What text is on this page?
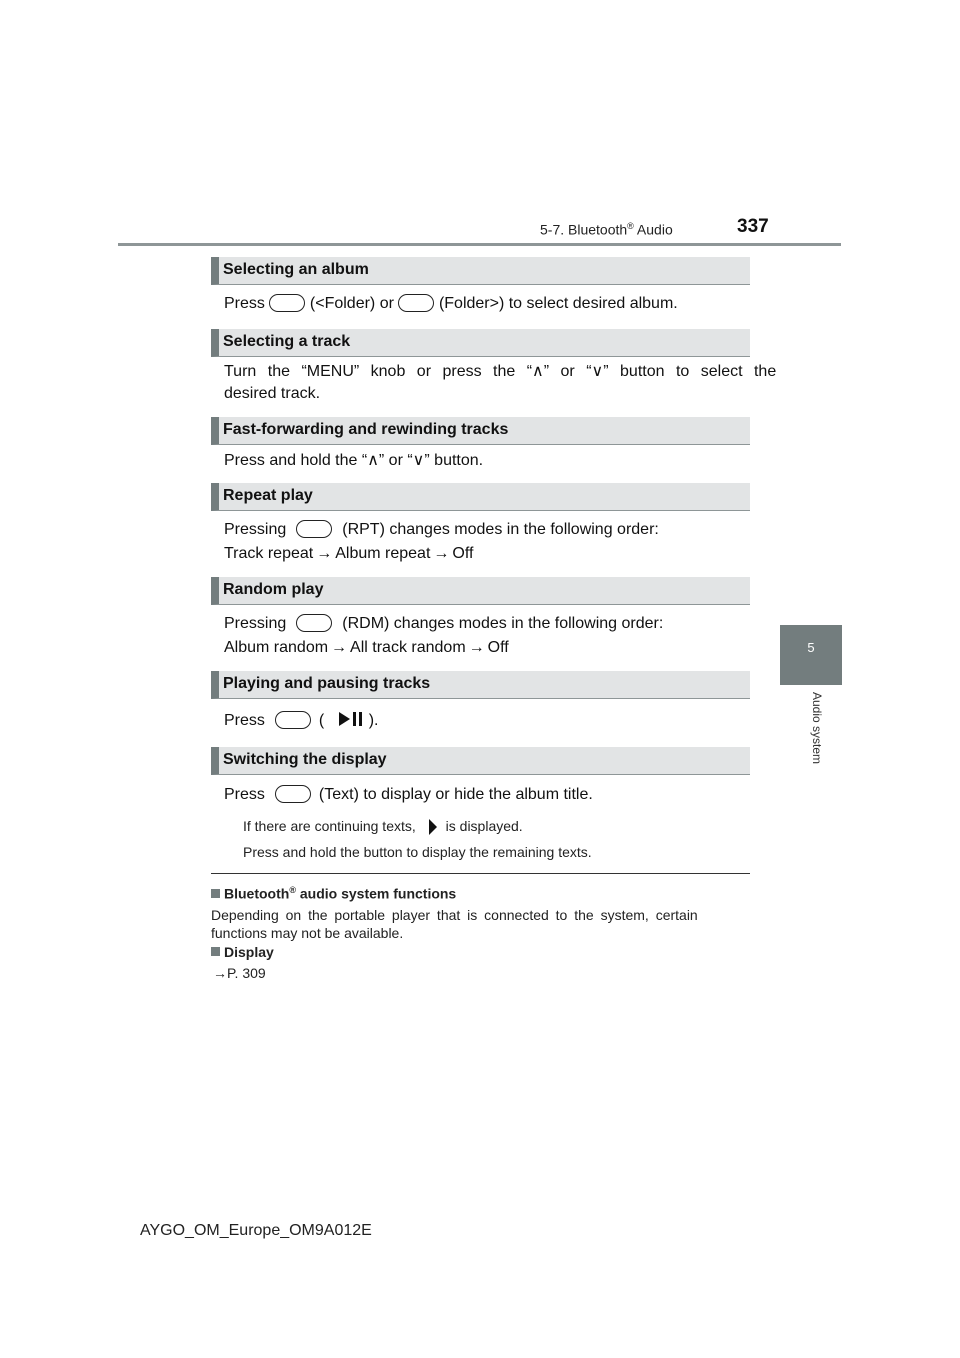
5-7. Bluetooth® Audio	337
5
Audio system
Selecting an album
Press	(<Folder) or	(Folder>) to select desired album.
Selecting a track
Turn the “MENU” knob or press the “∧” or “∨” button to select the
desired track.
Fast-forwarding and rewinding tracks
Press and hold the “∧” or “∨” button.
Repeat play
Pressing	(RPT) changes modes in the following order:
Track repeat → Album repeat → Off
Random play
Pressing	(RDM) changes modes in the following order:
Album random → All track random → Off
Playing and pausing tracks
Press	(	).
Switching the display
Press	(Text) to display or hide the album title.
If there are continuing texts, is displayed.
Press and hold the button to display the remaining texts.
Bluetooth® audio system functions
Depending on the portable player that is connected to the system, certain
functions may not be available.
Display
→P. 309
AYGO_OM_Europe_OM9A012E
